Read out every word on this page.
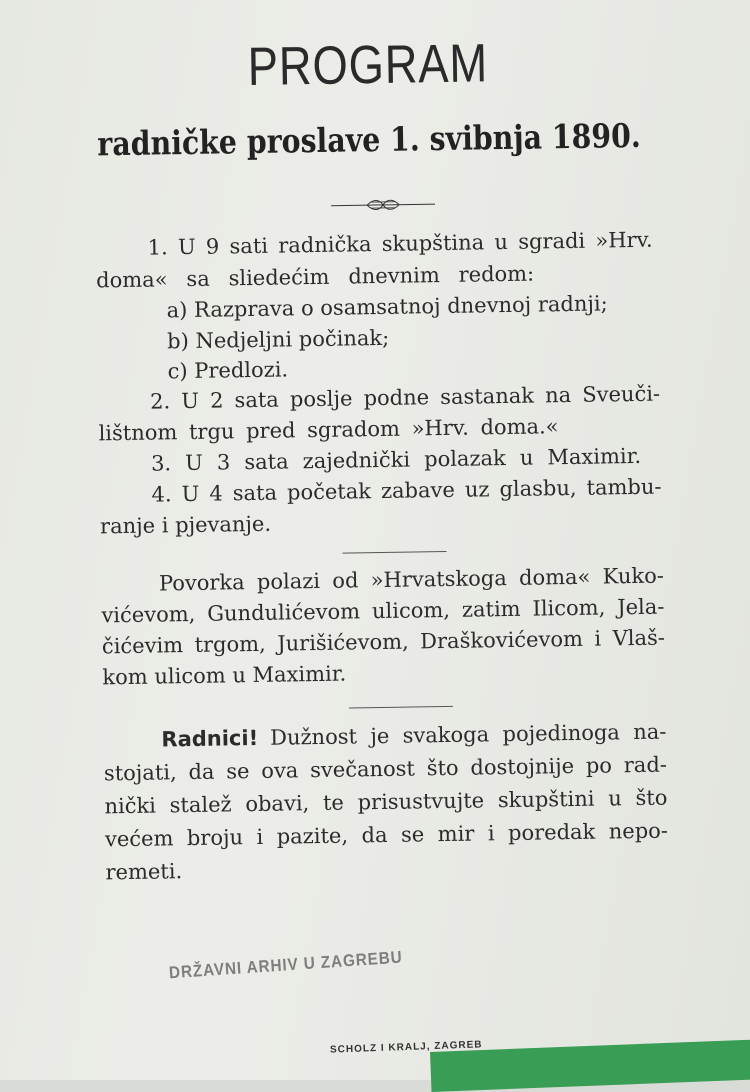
PROGRAM
radničke proslave 1. svibnja 1890.
1. U 9 sati radnička skupština u sgradi »Hrv.
doma« sa sliedećim dnevnim redom:
a) Razprava o osamsatnoj dnevnoj radnji;
b) Nedjeljni počinak;
c) Predlozi.
2. U 2 sata poslje podne sastanak na Sveuči-
lištnom trgu pred sgradom »Hrv. doma.«
3. U 3 sata zajednički polazak u Maximir.
4. U 4 sata početak zabave uz glasbu, tambu-
ranje i pjevanje.
Povorka polazi od »Hrvatskoga doma« Kuko-
vićevom, Gundulićevom ulicom, zatim Ilicom, Jela-
čićevim trgom, Jurišićevom, Draškovićevom i Vlaš-
kom ulicom u Maximir.
Radnici! Dužnost je svakoga pojedinoga na-
stojati, da se ova svečanost što dostojnije po rad-
nički stalež obavi, te prisustvujte skupštini u što
većem broju i pazite, da se mir i poredak nepo-
remeti.
DRŽAVNI ARHIV U ZAGREBU
SCHOLZ I KRALJ, ZAGREB
